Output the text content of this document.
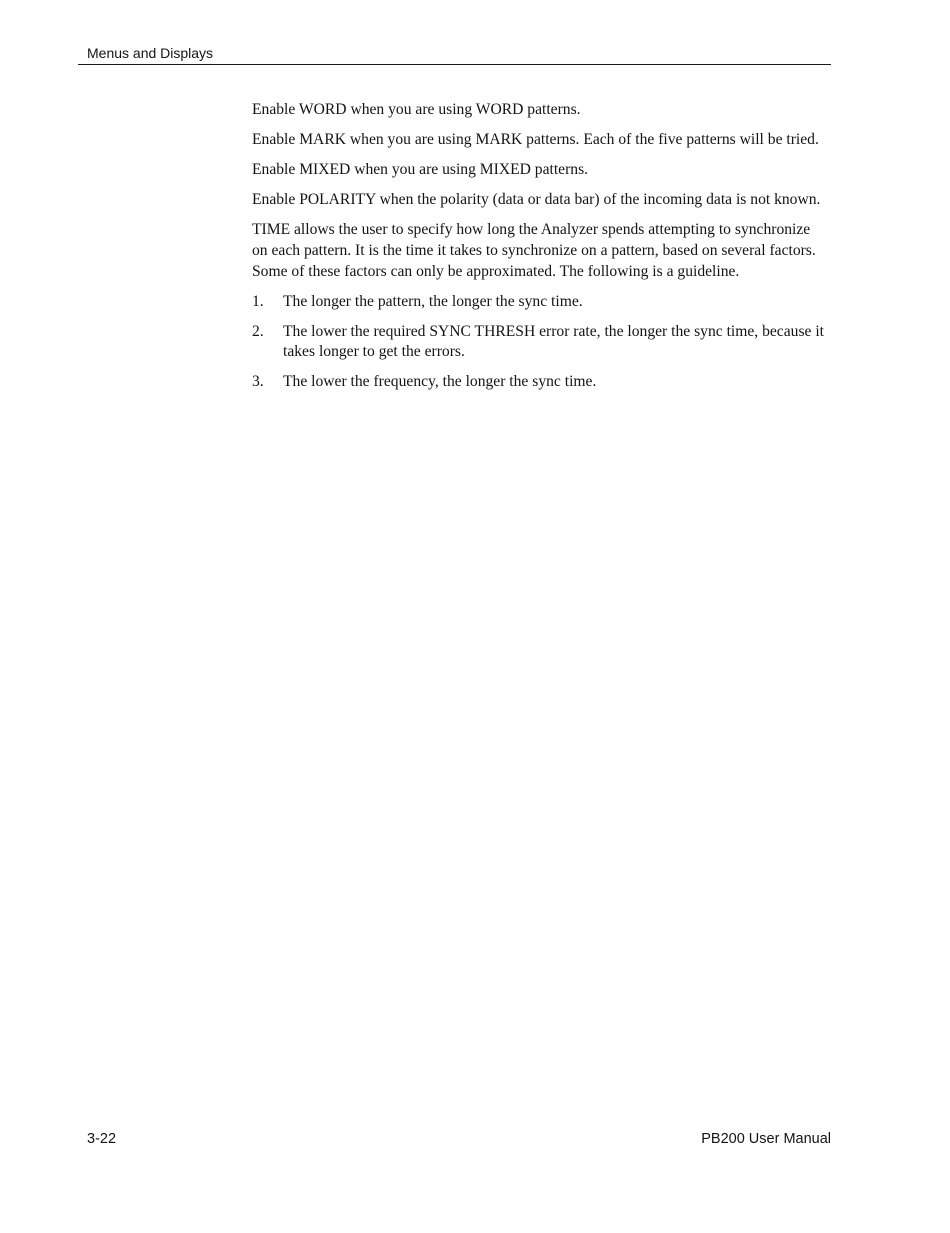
Menus and Displays

Enable WORD when you are using WORD patterns.

Enable MARK when you are using MARK patterns. Each of the five patterns will be tried.

Enable MIXED when you are using MIXED patterns.

Enable POLARITY when the polarity (data or data bar) of the incoming data is not known.

TIME allows the user to specify how long the Analyzer spends attempting to synchronize on each pattern. It is the time it takes to synchronize on a pattern, based on several factors. Some of these factors can only be approximated. The following is a guideline.

1.	The longer the pattern, the longer the sync time.
2.	The lower the required SYNC THRESH error rate, the longer the sync time, because it takes longer to get the errors.
3.	The lower the frequency, the longer the sync time.
3-22	PB200 User Manual
